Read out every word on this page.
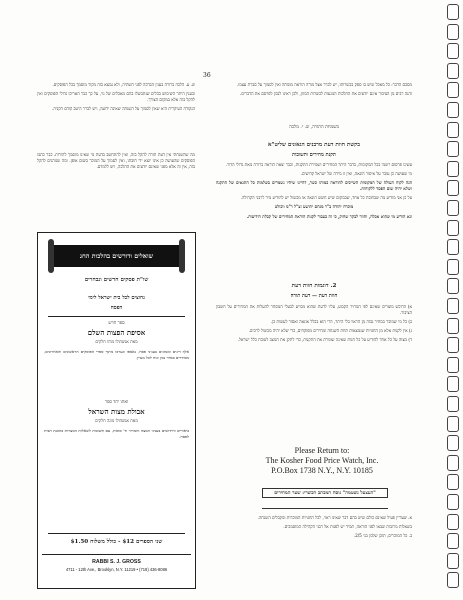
36

ש. ע. הלכה ברורה בענין הברכה לפני השתיה, ולא נמצא בזה מקור מוסמך בכל הפוסקים.

ובענין היתר השימוש בכלים שנתבשלו בהם מאכלים של גוי, על כך כבר האריכו גדולי הפוסקים ואין להקל בזה אלא במקום הצורך.

הנקודה העיקרית היא שאין לסמוך על השגחה שאינה ידועה, ויש לברר היטב קודם הקניה.

מה שהשגחתי אין דעת תורה להקל בזה, ואין להתחשב בדעת מי שאינו מוסמך להורות. כבר כתבו הפוסקים שהעושה כן אינו יוצא ידי חובתו, ואין לסמוך על המוכר בשום אופן. ומה שנוהגים להקל בזה, אין זה אלא מפני שאינם יודעים את ההלכה, ויש ללמדם.

מסכם הדבר: כל מאכל שיש בו ספק בכשרותו, יש לברר אצל מורה הוראה מומחה ואין לסמוך על סברת עצמו.

והנה רבים מן הציבור אינם יודעים את ההלכות הנוגעות לכשרות המזון, ולכן ראינו לנכון לפרסם את הדברים.

בשמחת התורה, ש. י. מלכה
בקשת חוות דעת מרבנים הגאונים שליט"א
תקנת מחירים ותשובות

עשינו פרסום רשמי בכל המקומות, בדבר היתר המחירים ושמירת התקנות, וכבר יצאה הוראה ברורה מאת גדולי הדור.

מי שעושה כן עובר על איסור הונאה, ואין זו מידה של ישראל קדושים.

הנה לקוח העולה של המקומות השייכים להוראה כמותו כשר, דהיינו שיהיו נשמרים בשלמות כל התנאים של התקנה ושלא יהיה שום הפסד ללקוחות.

על כן אני מודיע מה שבחובת כל אחד, שבמקום שיש חשש הונאה או מכשול יש להודיע מיד לרבני הקהילה.

מוכרח יהודה ב"ר מנחם יהושע זצ"ל ר"מ ווכולט

ונא הודיע מי שהוא אכלה, וחוזר לבקר שחוק, כי זה בעבור לקנות הוראת המחירים של קבלת הידיעות.

2. דוגמות חוות דעת
חוות דעת — דעת תורה

א) הרוכש מוצרים שאינם לפי המחיר הקבוע, עליו לדעת שהוא מסייע לבעלי המסחר להעלות את המחירים על חשבון הציבור.

ב) כל מי שמוכר במחיר גבוה מן הראוי בלי היתר, הרי הוא בכלל אונאה ואסור לעשות כן.

ג) אין לקנות אלא מן החנויות שנמצאות תחת השגחה ומחירים מפוקחים, כדי שלא יהיה מכשול לרבים.

ד) מצוה על כל אחד להודיע על כל חנות שאינה שומרת את התקנות, כדי לתקן את המצב לטובת כלל ישראל.

Please Return to:
The Kosher Food Price Watch, Inc.
P.O.Box 1738 N.Y., N.Y. 10185
"העצעל נשטמה" נוסח המכתב הכשרי: שער המחירים

א. שעדיין פעיל שאינם כולם שיש בהם דבר שאינו ראוי, לכל החנויות המוכרות ומקבלים השגחה.

בשאלות מרובות שבאו לפני הוראה, תמיד יש לפנות אל רבני הקהילה המוסמכים.

ב. כל המוכרים, תוכן שלמן בני 2/5.

שואלים ודורשים בהלכות החג
שו"ת פסקים חדשים ונבחרים
נחוצים לכל בית ישראל לימי
הפסח
ספר חדש
אסיפת הפצות השלם
מאת אגשהולו מוהו חלקים
אלף דינים ומנהגים בעניני פסח, נאספו ונערכו מתוך ספרי הפוסקים הראשונים והאחרונים, מסודרים בסדר נכון ונוח לכל מעיין.
ואתו יחד ספר
אבולת מצות השראל
מאת אגשהולו מונה חלקים
ביאורים וחידושים בעניני המצה והמרור וד' כוסות, עם תשובות לשאלות המצויות בהכנת הבית לפסח.
שני הספרים $12 - כולל משלוח $1.50
RABBI S. J. GROSS
4711 - 12th Ave., Brooklyn, N.Y. 11219 • (718) 436-8086
